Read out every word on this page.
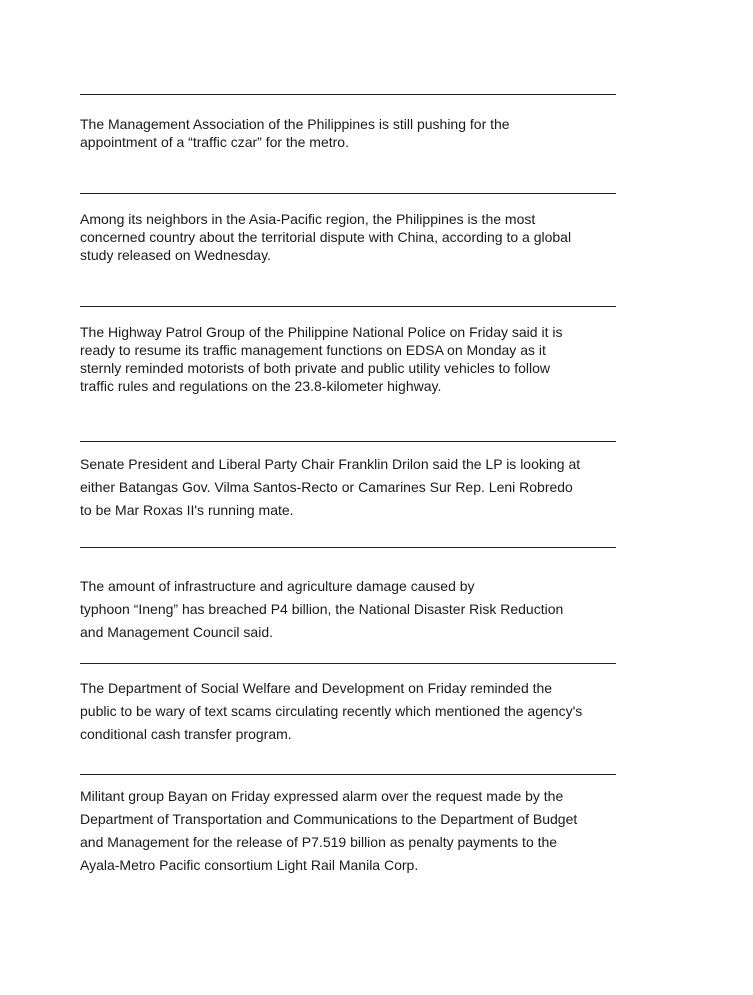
The Management Association of the Philippines is still pushing for the
appointment of a “traffic czar” for the metro.

Among its neighbors in the Asia-Pacific region, the Philippines is the most
concerned country about the territorial dispute with China, according to a global
study released on Wednesday.

The Highway Patrol Group of the Philippine National Police on Friday said it is
ready to resume its traffic management functions on EDSA on Monday as it
sternly reminded motorists of both private and public utility vehicles to follow
traffic rules and regulations on the 23.8-kilometer highway.

Senate President and Liberal Party Chair Franklin Drilon said the LP is looking at
either Batangas Gov. Vilma Santos-Recto or Camarines Sur Rep. Leni Robredo
to be Mar Roxas II's running mate.

The amount of infrastructure and agriculture damage caused by
typhoon “Ineng” has breached P4 billion, the National Disaster Risk Reduction
and Management Council said.

The Department of Social Welfare and Development on Friday reminded the
public to be wary of text scams circulating recently which mentioned the agency's
conditional cash transfer program.

Militant group Bayan on Friday expressed alarm over the request made by the
Department of Transportation and Communications to the Department of Budget
and Management for the release of P7.519 billion as penalty payments to the
Ayala-Metro Pacific consortium Light Rail Manila Corp.
